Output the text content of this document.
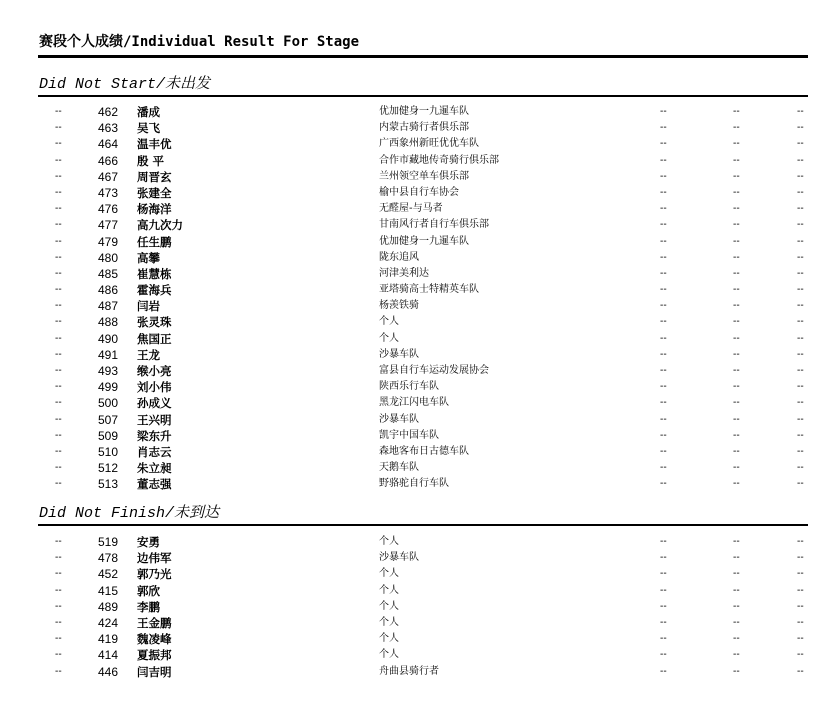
赛段个人成绩/Individual Result For Stage
Did Not Start/未出发
--	462 潘成	优加健身一九暹车队	--	--	--
--	463 吴飞	内蒙古骑行者俱乐部	--	--	--
--	464 温丰优	广西象州新旺优优车队	--	--	--
--	466 殷 平	合作市藏地传奇骑行俱乐部	--	--	--
--	467 周晋玄	兰州领空单车俱乐部	--	--	--
--	473 张建全	榆中县自行车协会	--	--	--
--	476 杨海洋	无醛屋-与马者	--	--	--
--	477 高九次力	甘南风行者自行车俱乐部	--	--	--
--	479 任生鹏	优加健身一九暹车队	--	--	--
--	480 高攀	陇东追风	--	--	--
--	485 崔慧栋	河津美利达	--	--	--
--	486 霍海兵	亚塔骑高士特精英车队	--	--	--
--	487 闫岩	杨羡铁骑	--	--	--
--	488 张灵珠	个人	--	--	--
--	490 焦国正	个人	--	--	--
--	491 王龙	沙暴车队	--	--	--
--	493 缑小亮	富县自行车运动发展协会	--	--	--
--	499 刘小伟	陕西乐行车队	--	--	--
--	500 孙成义	黑龙江闪电车队	--	--	--
--	507 王兴明	沙暴车队	--	--	--
--	509 梁东升	凯宇中国车队	--	--	--
--	510 肖志云	森地客布日古德车队	--	--	--
--	512 朱立昶	天鹅车队	--	--	--
--	513 董志强	野骆驼自行车队	--	--	--
Did Not Finish/未到达
--	519 安勇	个人	--	--	--
--	478 边伟军	沙暴车队	--	--	--
--	452 郭乃光	个人	--	--	--
--	415 郭欣	个人	--	--	--
--	489 李鹏	个人	--	--	--
--	424 王金鹏	个人	--	--	--
--	419 魏凌峰	个人	--	--	--
--	414 夏振邦	个人	--	--	--
--	446 闫吉明	舟曲县骑行者	--	--	--
